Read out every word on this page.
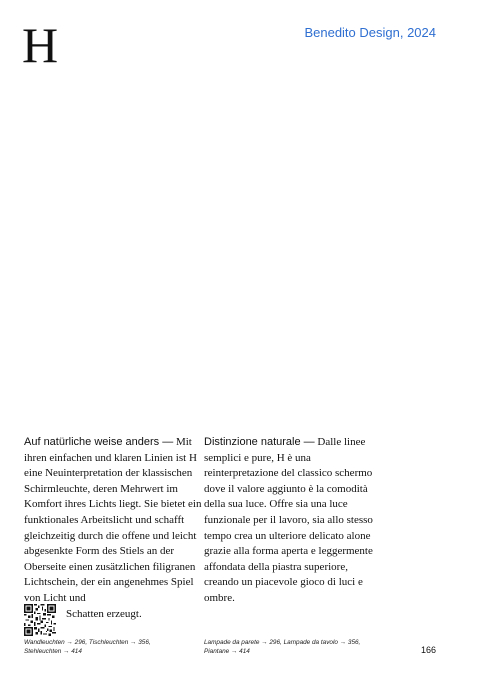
H	Benedito Design, 2024
Auf natürliche weise anders — Mit ihren einfachen und klaren Linien ist H eine Neuinterpretation der klassischen Schirmleuchte, deren Mehrwert im Komfort ihres Lichts liegt. Sie bietet ein funktionales Arbeitslicht und schafft gleichzeitig durch die offene und leicht abgesenkte Form des Stiels an der Oberseite einen zusätzlichen filigranen Lichtschein, der ein angenehmes Spiel von Licht und
Schatten erzeugt.
Distinzione naturale — Dalle linee semplici e pure, H è una reinterpretazione del classico schermo dove il valore aggiunto è la comodità della sua luce. Offre sia una luce funzionale per il lavoro, sia allo stesso tempo crea un ulteriore delicato alone grazie alla forma aperta e leggermente affondata della piastra superiore, creando un piacevole gioco di luci e ombre.
Wandleuchten → 296, Tischleuchten → 356,
Stehleuchten → 414
Lampade da parete → 296, Lampade da tavolo → 356,
Piantane → 414	166
